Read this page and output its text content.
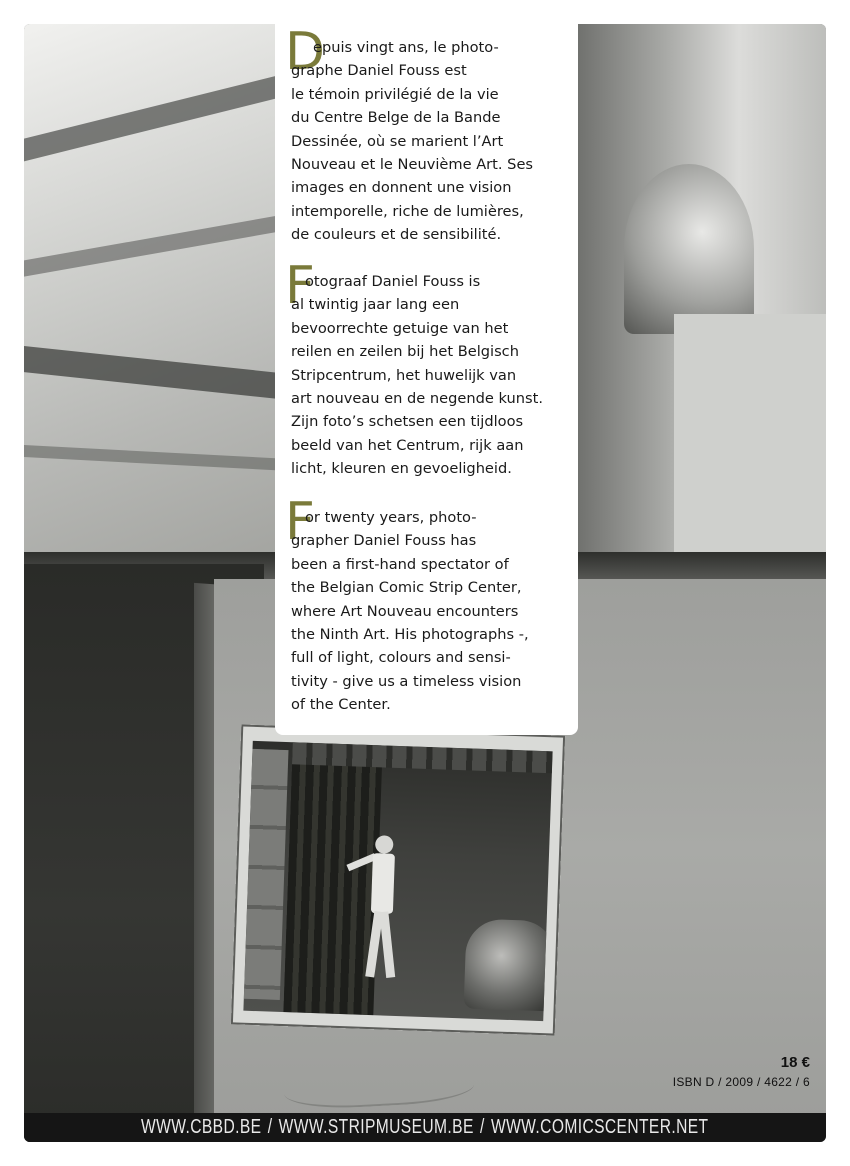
D

epuis vingt ans, le photo-
graphe Daniel Fouss est
le témoin privilégié de la vie
du Centre Belge de la Bande
Dessinée, où se marient l’Art
Nouveau et le Neuvième Art. Ses
images en donnent une vision
intemporelle, riche de lumières,
de couleurs et de sensibilité.

F

otograaf Daniel Fouss is
al twintig jaar lang een
bevoorrechte getuige van het
reilen en zeilen bij het Belgisch
Stripcentrum, het huwelijk van
art nouveau en de negende kunst.
Zijn foto’s schetsen een tijdloos
beeld van het Centrum, rijk aan
licht, kleuren en gevoeligheid.

F

or twenty years, photo-
grapher Daniel Fouss has
been a first-hand spectator of
the Belgian Comic Strip Center,
where Art Nouveau encounters
the Ninth Art. His photographs -,
full of light, colours and sensi-
tivity - give us a timeless vision
of the Center.

18 €
ISBN D / 2009 / 4622 / 6
WWW.CBBD.BE / WWW.STRIPMUSEUM.BE / WWW.COMICSCENTER.NET
